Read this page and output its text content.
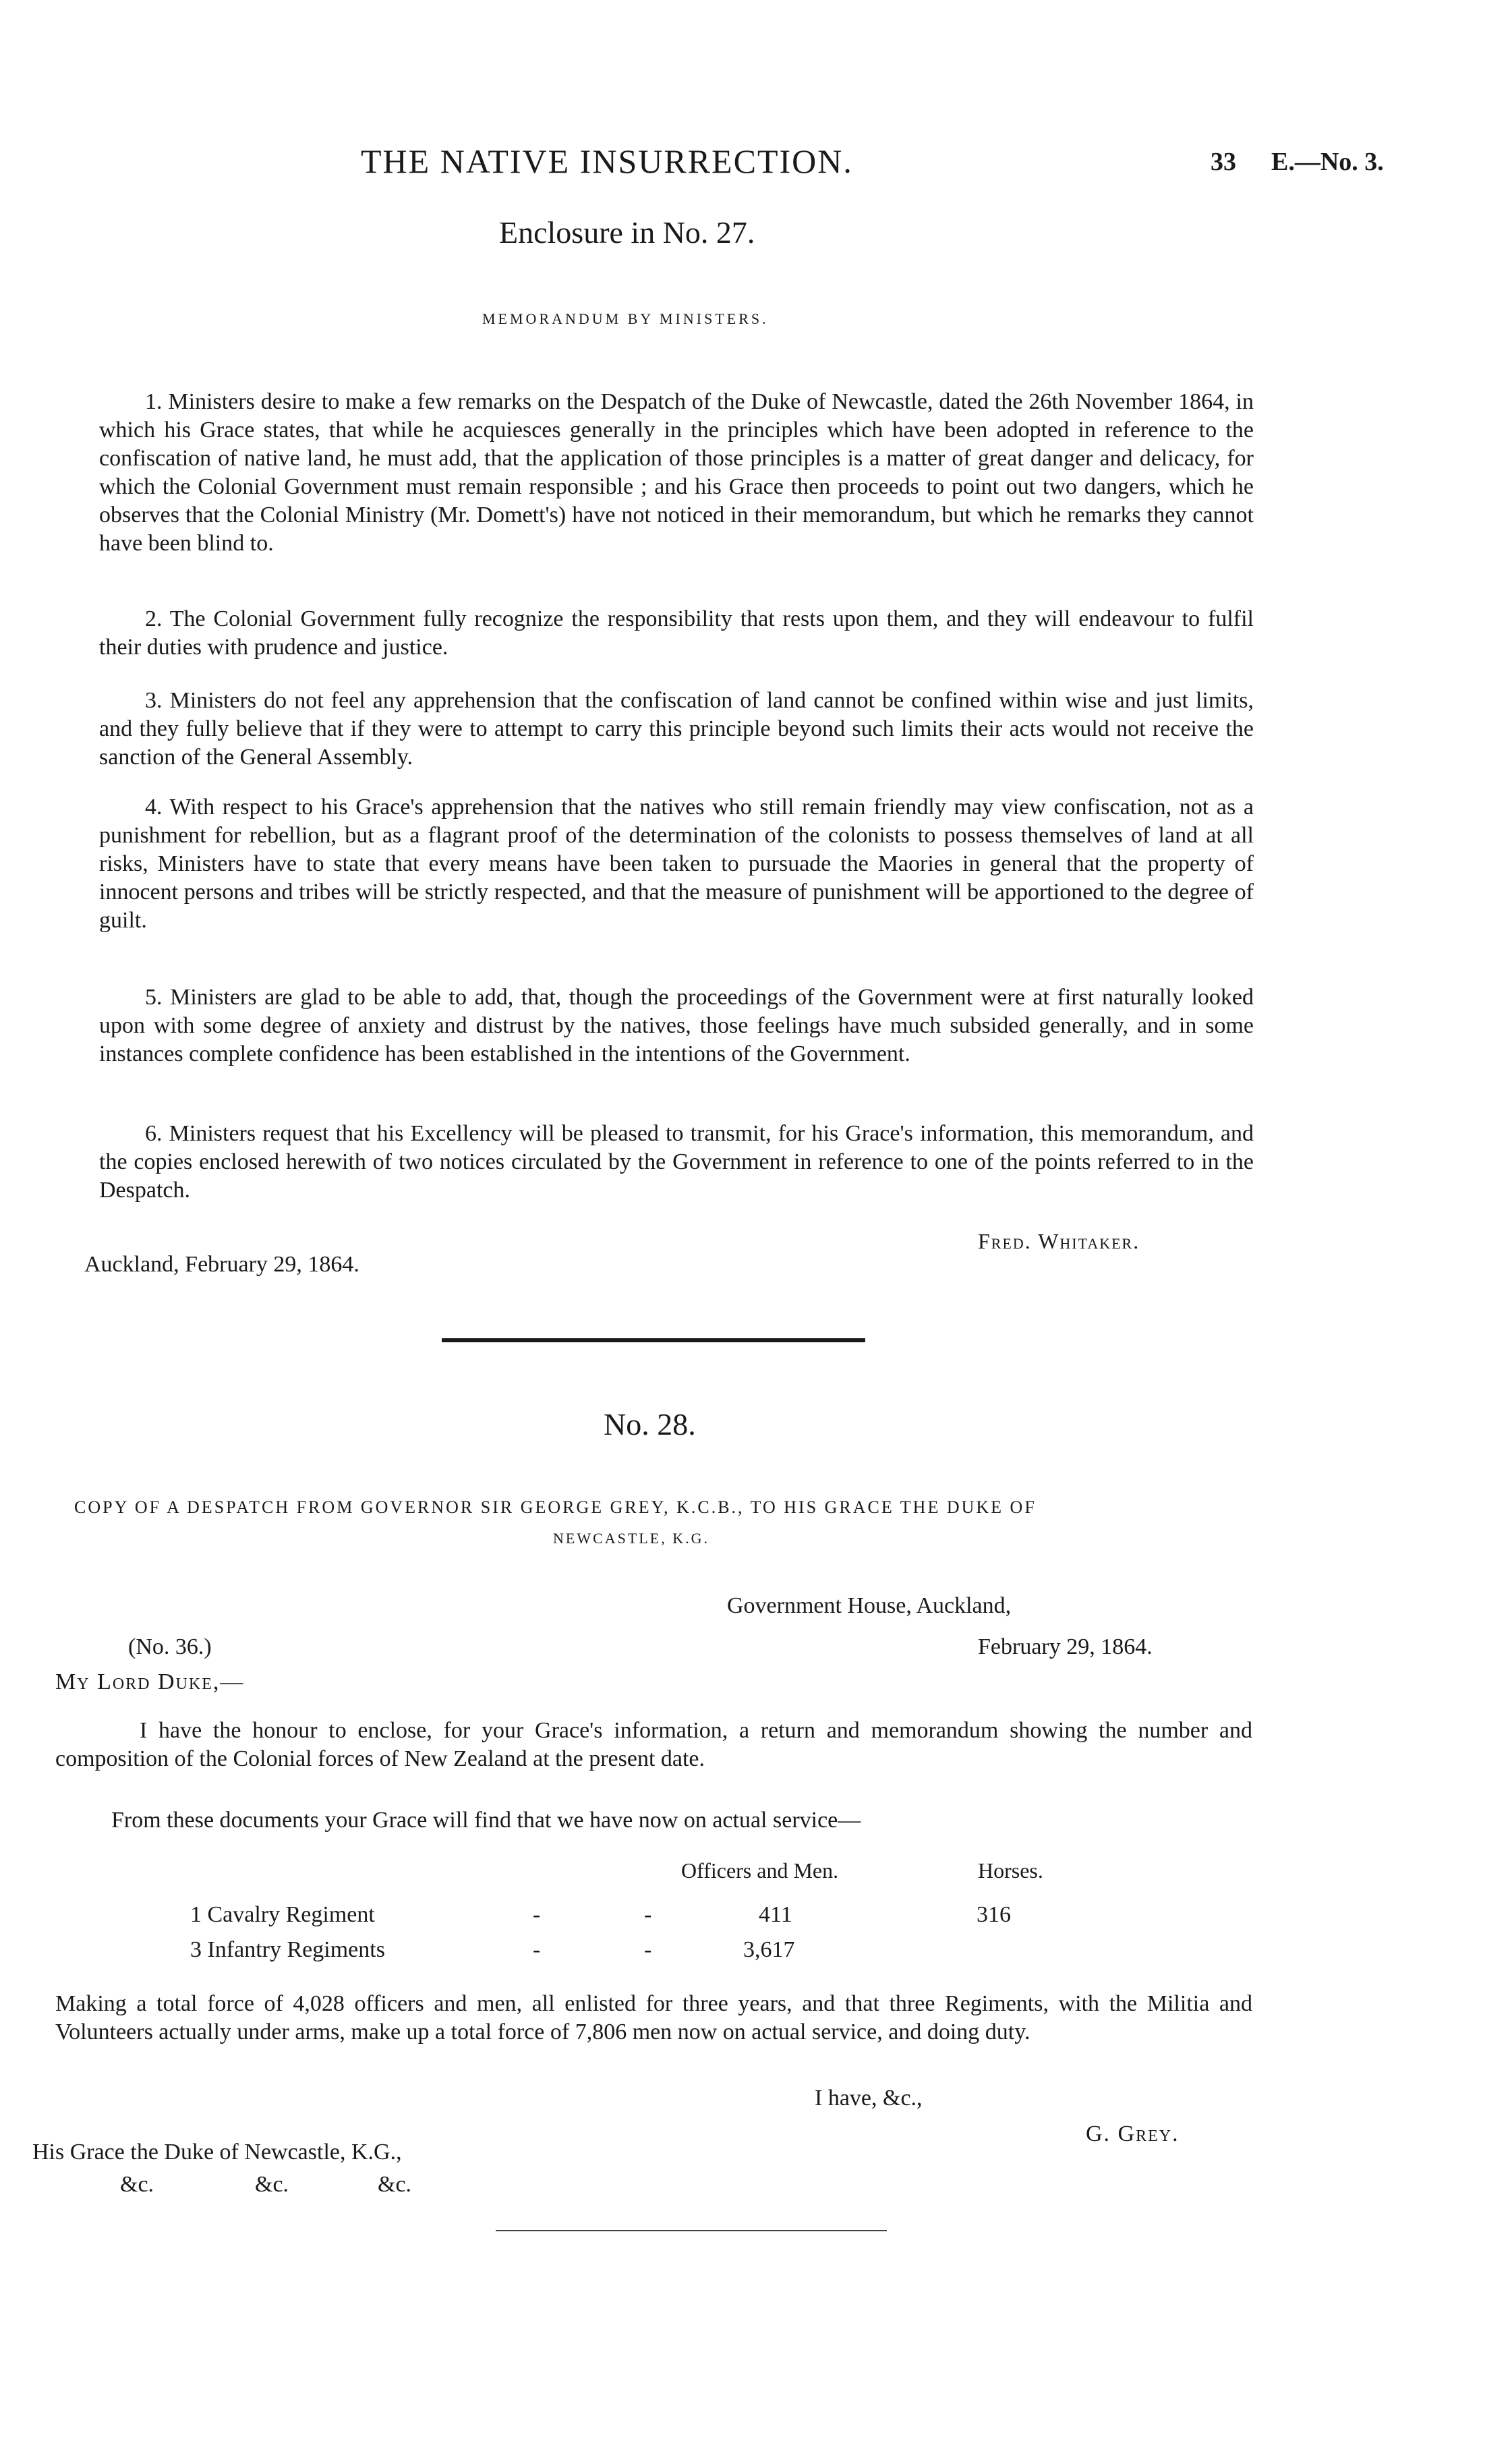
THE NATIVE INSURRECTION.	33 E.—No. 3.
Enclosure in No. 27.
MEMORANDUM BY MINISTERS.
1. Ministers desire to make a few remarks on the Despatch of the Duke of Newcastle, dated the 26th November 1864, in which his Grace states, that while he acquiesces generally in the principles which have been adopted in reference to the confiscation of native land, he must add, that the application of those principles is a matter of great danger and delicacy, for which the Colonial Government must remain responsible ; and his Grace then proceeds to point out two dangers, which he observes that the Colonial Ministry (Mr. Domett's) have not noticed in their memorandum, but which he remarks they cannot have been blind to.
2. The Colonial Government fully recognize the responsibility that rests upon them, and they will endeavour to fulfil their duties with prudence and justice.
3. Ministers do not feel any apprehension that the confiscation of land cannot be confined within wise and just limits, and they fully believe that if they were to attempt to carry this principle beyond such limits their acts would not receive the sanction of the General Assembly.
4. With respect to his Grace's apprehension that the natives who still remain friendly may view confiscation, not as a punishment for rebellion, but as a flagrant proof of the determination of the colonists to possess themselves of land at all risks, Ministers have to state that every means have been taken to pursuade the Maories in general that the property of innocent persons and tribes will be strictly respected, and that the measure of punishment will be apportioned to the degree of guilt.
5. Ministers are glad to be able to add, that, though the proceedings of the Government were at first naturally looked upon with some degree of anxiety and distrust by the natives, those feelings have much subsided generally, and in some instances complete confidence has been established in the intentions of the Government.
6. Ministers request that his Excellency will be pleased to transmit, for his Grace's information, this memorandum, and the copies enclosed herewith of two notices circulated by the Government in reference to one of the points referred to in the Despatch.
Fred. Whitaker.
Auckland, February 29, 1864.
No. 28.
COPY OF A DESPATCH FROM GOVERNOR SIR GEORGE GREY, K.C.B., TO HIS GRACE THE DUKE OF
NEWCASTLE, K.G.
Government House, Auckland,
(No. 36.)	February 29, 1864.
My Lord Duke,—
I have the honour to enclose, for your Grace's information, a return and memorandum showing the number and composition of the Colonial forces of New Zealand at the present date.
From these documents your Grace will find that we have now on actual service—
Officers and Men.	Horses.
1 Cavalry Regiment	-	-	411	316
3 Infantry Regiments	-	-	3,617
Making a total force of 4,028 officers and men, all enlisted for three years, and that three Regiments, with the Militia and Volunteers actually under arms, make up a total force of 7,806 men now on actual service, and doing duty.
I have, &c.,
G. Grey.
His Grace the Duke of Newcastle, K.G.,
&c.	&c.	&c.
